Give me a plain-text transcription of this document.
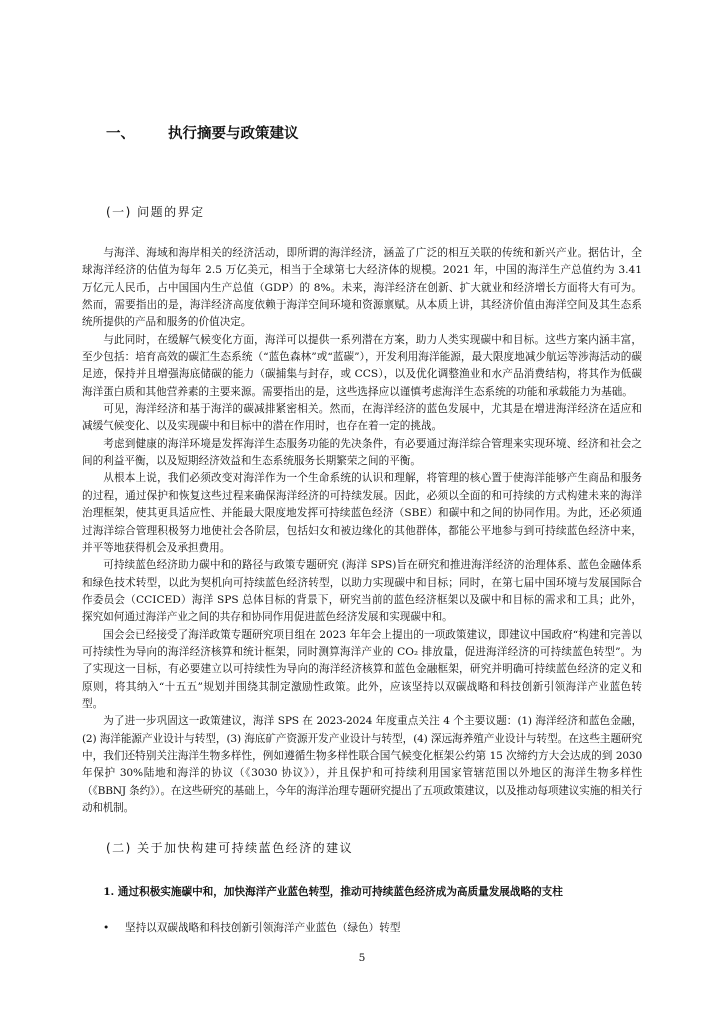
一、 执行摘要与政策建议
(一) 问题的界定

与海洋、海域和海岸相关的经济活动，即所谓的海洋经济，涵盖了广泛的相互关联的传统和新兴产业。据估计，全球海洋经济的估值为每年 2.5 万亿美元，相当于全球第七大经济体的规模。2021 年，中国的海洋生产总值约为 3.41 万亿元人民币，占中国国内生产总值（GDP）的 8%。未来，海洋经济在创新、扩大就业和经济增长方面将大有可为。然而，需要指出的是，海洋经济高度依赖于海洋空间环境和资源禀赋。从本质上讲，其经济价值由海洋空间及其生态系统所提供的产品和服务的价值决定。

与此同时，在缓解气候变化方面，海洋可以提供一系列潜在方案，助力人类实现碳中和目标。这些方案内涵丰富，至少包括：培育高效的碳汇生态系统（“蓝色森林”或“蓝碳”），开发利用海洋能源，最大限度地减少航运等涉海活动的碳足迹，保持并且增强海底储碳的能力（碳捕集与封存，或 CCS），以及优化调整渔业和水产品消费结构，将其作为低碳海洋蛋白质和其他营养素的主要来源。需要指出的是，这些选择应以谨慎考虑海洋生态系统的功能和承载能力为基础。

可见，海洋经济和基于海洋的碳减排紧密相关。然而，在海洋经济的蓝色发展中，尤其是在增进海洋经济在适应和减缓气候变化、以及实现碳中和目标中的潜在作用时，也存在着一定的挑战。

考虑到健康的海洋环境是发挥海洋生态服务功能的先决条件，有必要通过海洋综合管理来实现环境、经济和社会之间的利益平衡，以及短期经济效益和生态系统服务长期繁荣之间的平衡。

从根本上说，我们必须改变对海洋作为一个生命系统的认识和理解，将管理的核心置于使海洋能够产生商品和服务的过程，通过保护和恢复这些过程来确保海洋经济的可持续发展。因此，必须以全面的和可持续的方式构建未来的海洋治理框架，使其更具适应性、并能最大限度地发挥可持续蓝色经济（SBE）和碳中和之间的协同作用。为此，还必须通过海洋综合管理积极努力地使社会各阶层，包括妇女和被边缘化的其他群体，都能公平地参与到可持续蓝色经济中来，并平等地获得机会及承担费用。

可持续蓝色经济助力碳中和的路径与政策专题研究 (海洋 SPS)旨在研究和推进海洋经济的治理体系、蓝色金融体系和绿色技术转型，以此为契机向可持续蓝色经济转型，以助力实现碳中和目标；同时，在第七届中国环境与发展国际合作委员会（CCICED）海洋 SPS 总体目标的背景下，研究当前的蓝色经济框架以及碳中和目标的需求和工具；此外，探究如何通过海洋产业之间的共存和协同作用促进蓝色经济发展和实现碳中和。

国会会已经接受了海洋政策专题研究项目组在 2023 年年会上提出的一项政策建议，即建议中国政府“构建和完善以可持续性为导向的海洋经济核算和统计框架，同时测算海洋产业的 CO₂ 排放量，促进海洋经济的可持续蓝色转型”。为了实现这一目标，有必要建立以可持续性为导向的海洋经济核算和蓝色金融框架，研究并明确可持续蓝色经济的定义和原则，将其纳入“十五五”规划并围绕其制定激励性政策。此外，应该坚持以双碳战略和科技创新引领海洋产业蓝色转型。

为了进一步巩固这一政策建议，海洋 SPS 在 2023-2024 年度重点关注 4 个主要议题：(1) 海洋经济和蓝色金融，(2) 海洋能源产业设计与转型，(3) 海底矿产资源开发产业设计与转型，(4) 深远海养殖产业设计与转型。在这些主题研究中，我们还特别关注海洋生物多样性，例如遵循生物多样性联合国气候变化框架公约第 15 次缔约方大会达成的到 2030 年保护 30%陆地和海洋的协议（《3030 协议》），并且保护和可持续利用国家管辖范围以外地区的海洋生物多样性（《BBNJ 条约》）。在这些研究的基础上，今年的海洋治理专题研究提出了五项政策建议，以及推动每项建议实施的相关行动和机制。

(二) 关于加快构建可持续蓝色经济的建议
1. 通过积极实施碳中和，加快海洋产业蓝色转型，推动可持续蓝色经济成为高质量发展战略的支柱
• 坚持以双碳战略和科技创新引领海洋产业蓝色（绿色）转型
5
